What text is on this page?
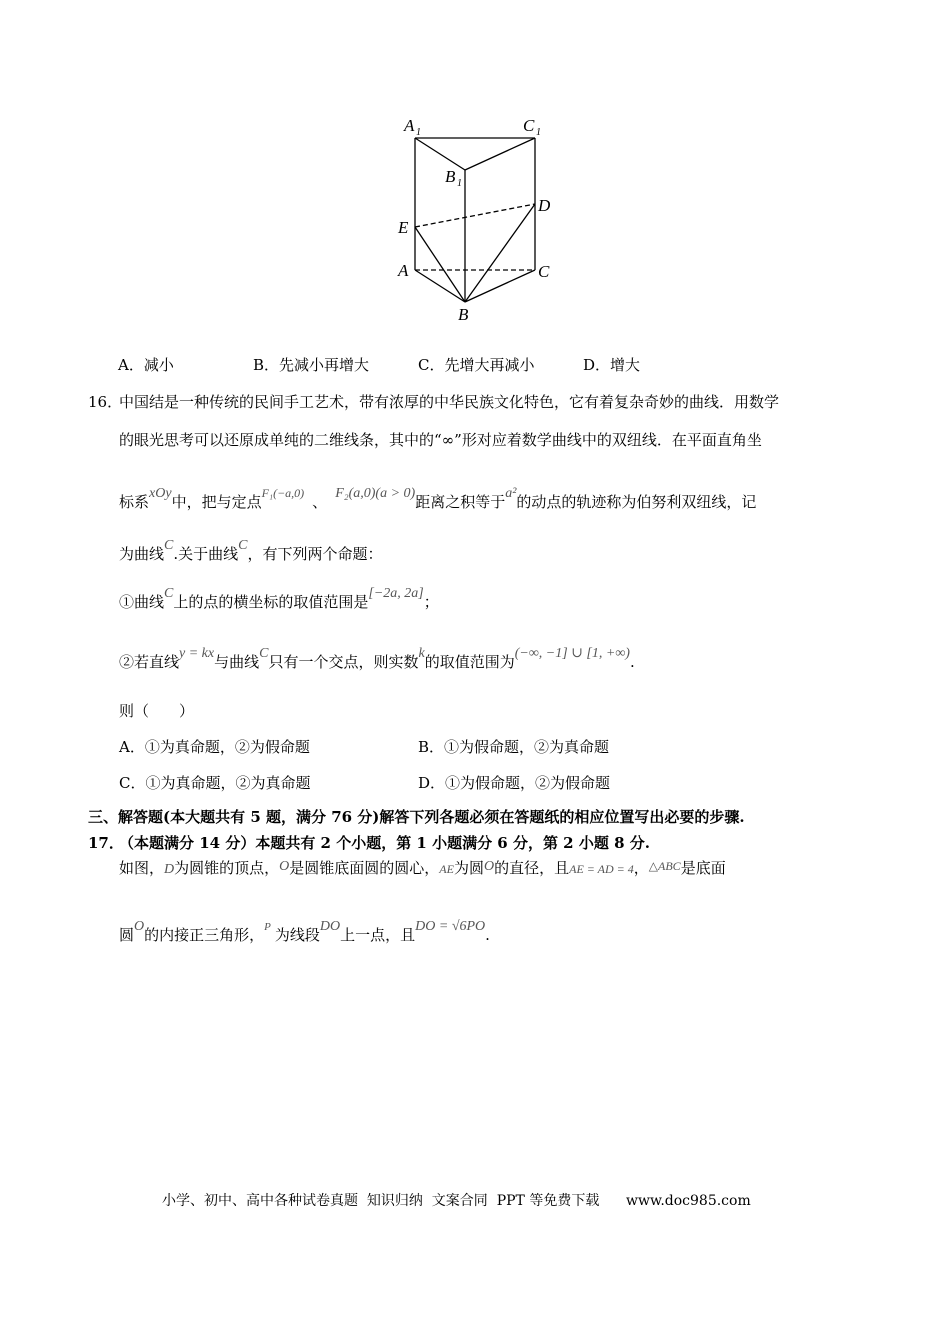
A 1	C 1
B 1
D
E
A	C
B
A．减小	B．先减小再增大	C．先增大再减小	D．增大
16．
中国结是一种传统的民间手工艺术，带有浓厚的中华民族文化特色，它有着复杂奇妙的曲线．用数学
的眼光思考可以还原成单纯的二维线条，其中的“∞”形对应着数学曲线中的双纽线．在平面直角坐
标系xOy中，把与定点$^{F_1(-a,0)}$ 、 F₂(a,0)(a > 0)距离之积等于a²的动点的轨迹称为伯努利双纽线，记
为曲线C.关于曲线C，有下列两个命题：
①曲线C上的点的横坐标的取值范围是[−2a, 2a]；
②若直线y = kx与曲线C只有一个交点，则实数k的取值范围为(−∞, −1] ∪ [1, +∞).
则（　　）
A．①为真命题，②为假命题	B．①为假命题，②为真命题
C．①为真命题，②为真命题	D．①为假命题，②为假命题
三、解答题(本大题共有 5 题，满分 76 分)解答下列各题必须在答题纸的相应位置写出必要的步骤.
17．
（本题满分 14 分）本题共有 2 个小题，第 1 小题满分 6 分，第 2 小题 8 分.
如图，D为圆锥的顶点，O是圆锥底面圆的圆心，AE为圆O的直径，且AE = AD = 4，$^{\triangle ABC}$是底面
圆O的内接正三角形，$^P$ 为线段DO上一点，且DO = √6PO.
小学、初中、高中各种试卷真题  知识归纳  文案合同  PPT 等免费下载      www.doc985.com
